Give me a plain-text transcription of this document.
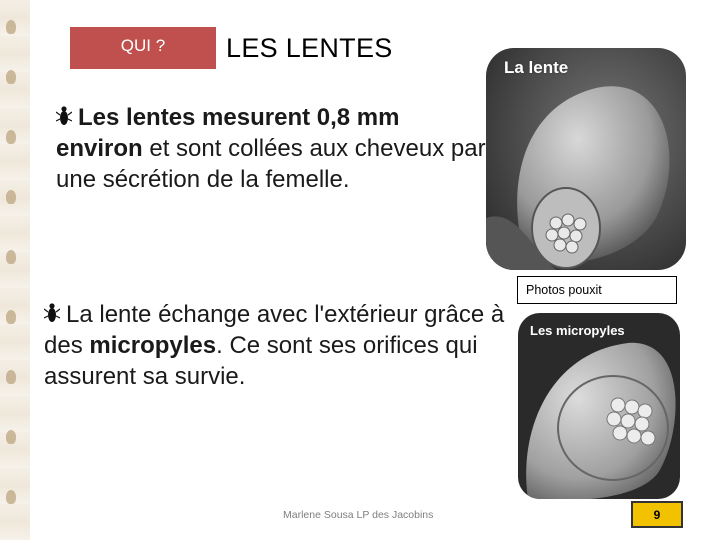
QUI ?	LES LENTES
Les lentes mesurent 0,8 mm
environ et sont collées aux cheveux par une sécrétion de la femelle.
La lente échange avec l'extérieur grâce à des micropyles. Ce sont ses orifices qui assurent sa survie.
La lente
Photos pouxit
Les micropyles
Marlene Sousa LP des Jacobins	9
